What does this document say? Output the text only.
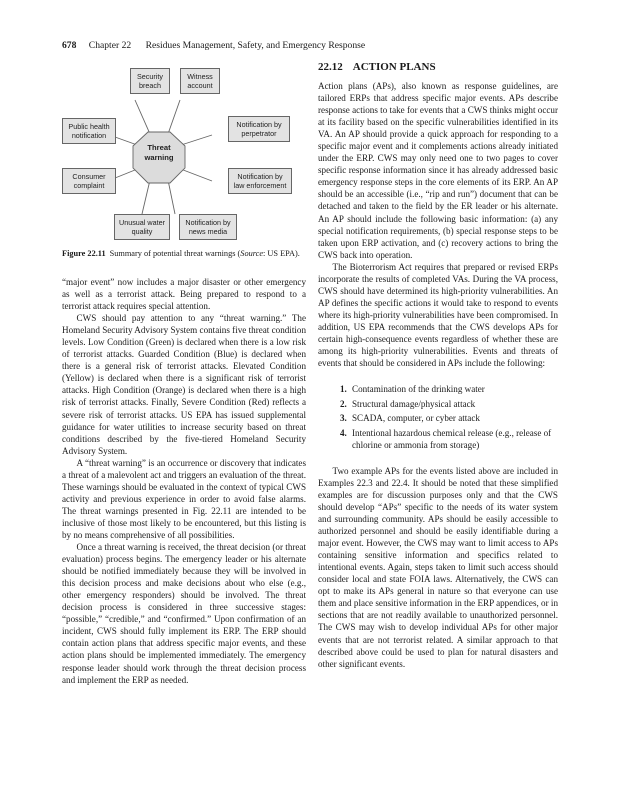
678 Chapter 22 Residues Management, Safety, and Emergency Response
Threat
warning
Security
breach
Witness
account
Public health
notification
Notification by
perpetrator
Consumer
complaint
Notification by
law enforcement
Unusual water
quality
Notification by
news media
Figure 22.11 Summary of potential threat warnings (Source: US EPA).

“major event” now includes a major disaster or other emergency as well as a terrorist attack. Being prepared to respond to a terrorist attack requires special attention.

CWS should pay attention to any “threat warning.” The Homeland Security Advisory System contains five threat condition levels. Low Condition (Green) is declared when there is a low risk of terrorist attacks. Guarded Condition (Blue) is declared when there is a general risk of terrorist attacks. Elevated Condition (Yellow) is declared when there is a significant risk of terrorist attacks. High Condition (Orange) is declared when there is a high risk of terrorist attacks. Finally, Severe Condition (Red) reflects a severe risk of terrorist attacks. US EPA has issued supplemental guidance for water utilities to increase security based on threat conditions described by the five-tiered Homeland Security Advisory System.

A “threat warning” is an occurrence or discovery that indicates a threat of a malevolent act and triggers an evaluation of the threat. These warnings should be evaluated in the context of typical CWS activity and previous experience in order to avoid false alarms. The threat warnings presented in Fig. 22.11 are intended to be inclusive of those most likely to be encountered, but this listing is by no means comprehensive of all possibilities.

Once a threat warning is received, the threat decision (or threat evaluation) process begins. The emergency leader or his alternate should be notified immediately because they will be involved in this decision process and make decisions about who else (e.g., other emergency responders) should be involved. The threat decision process is considered in three successive stages: “possible,” “credible,” and “confirmed.” Upon confirmation of an incident, CWS should fully implement its ERP. The ERP should contain action plans that address specific major events, and these action plans should be implemented immediately. The emergency response leader should work through the threat decision process and implement the ERP as needed.

22.12 ACTION PLANS

Action plans (APs), also known as response guidelines, are tailored ERPs that address specific major events. APs describe response actions to take for events that a CWS thinks might occur at its facility based on the specific vulnerabilities identified in its VA. An AP should provide a quick approach for responding to a specific major event and it complements actions already initiated under the ERP. CWS may only need one to two pages to cover specific response information since it has already addressed basic emergency response steps in the core elements of its ERP. An AP should be an accessible (i.e., “rip and run”) document that can be detached and taken to the field by the ER leader or his alternate. An AP should include the following basic information: (a) any special notification requirements, (b) special response steps to be taken upon ERP activation, and (c) recovery actions to bring the CWS back into operation.

The Bioterrorism Act requires that prepared or revised ERPs incorporate the results of completed VAs. During the VA process, CWS should have determined its high-priority vulnerabilities. An AP defines the specific actions it would take to respond to events where its high-priority vulnerabilities have been compromised. In addition, US EPA recommends that the CWS develops APs for certain high-consequence events regardless of whether these are among its high-priority vulnerabilities. Events and threats of events that should be considered in APs include the following:

1. Contamination of the drinking water
2. Structural damage/physical attack
3. SCADA, computer, or cyber attack
4. Intentional hazardous chemical release (e.g., release of chlorine or ammonia from storage)

Two example APs for the events listed above are included in Examples 22.3 and 22.4. It should be noted that these simplified examples are for discussion purposes only and that the CWS should develop “APs” specific to the needs of its water system and surrounding community. APs should be easily accessible to authorized personnel and should be easily identifiable during a major event. However, the CWS may want to limit access to APs containing sensitive information and specifics related to intentional events. Again, steps taken to limit such access should consider local and state FOIA laws. Alternatively, the CWS can opt to make its APs general in nature so that everyone can use them and place sensitive information in the ERP appendices, or in sections that are not readily available to unauthorized personnel. The CWS may wish to develop individual APs for other major events that are not terrorist related. A similar approach to that described above could be used to plan for natural disasters and other significant events.
